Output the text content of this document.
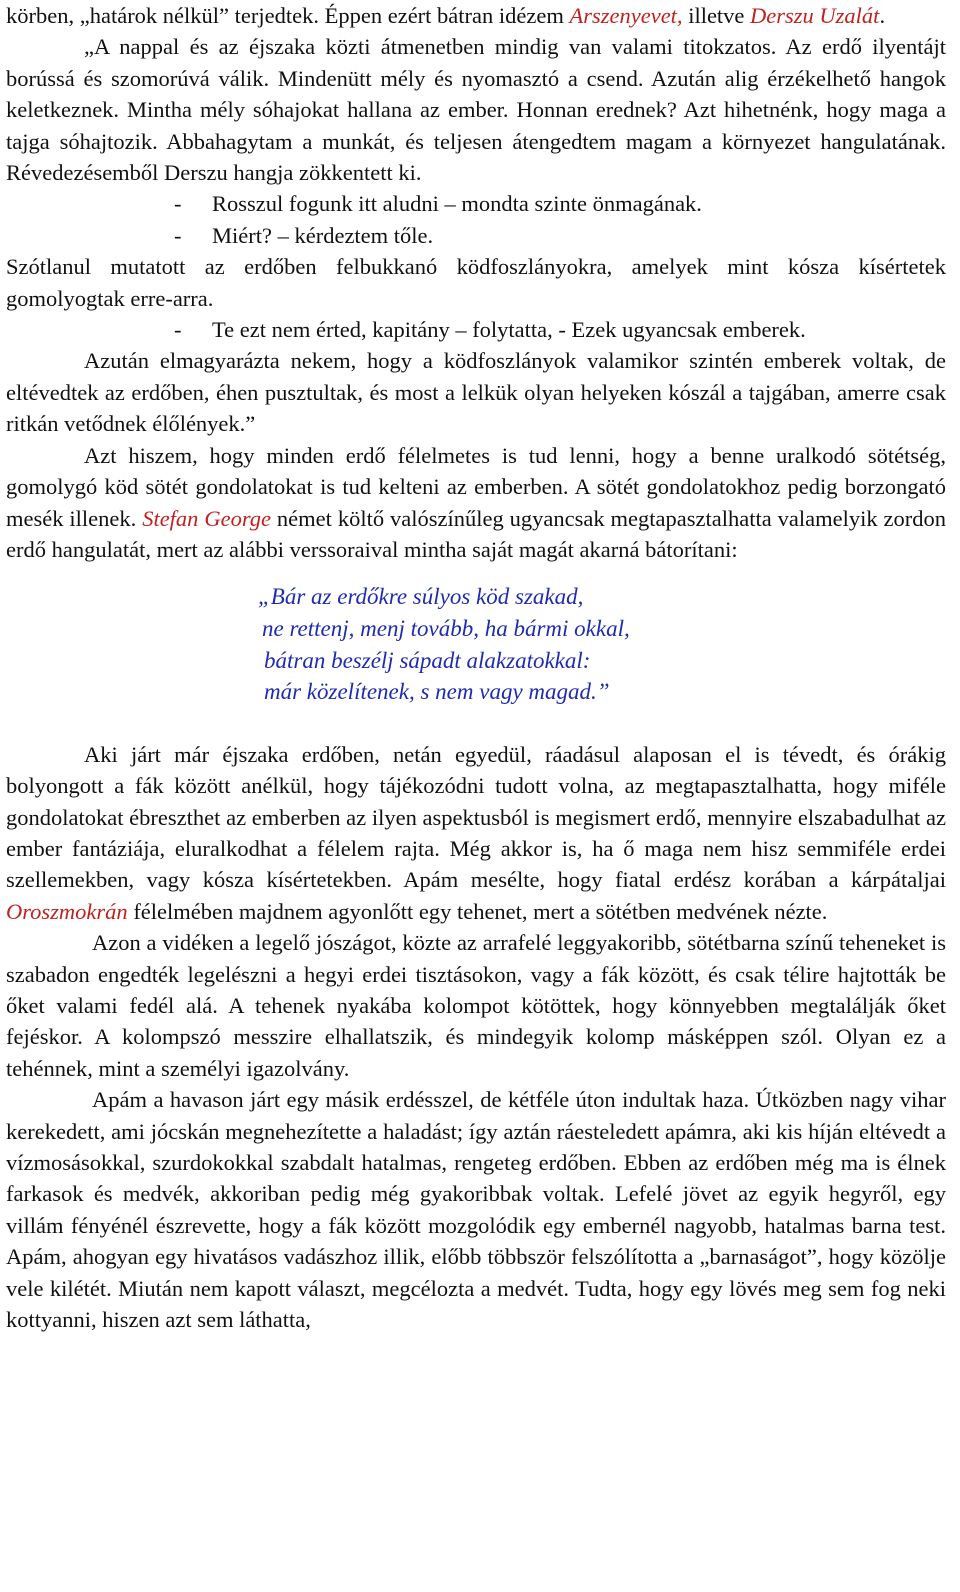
körben, „határok nélkül” terjedtek. Éppen ezért bátran idézem Arszenyevet, illetve Derszu Uzalát.

„A nappal és az éjszaka közti átmenetben mindig van valami titokzatos. Az erdő ilyentájt borússá és szomorúvá válik. Mindenütt mély és nyomasztó a csend. Azután alig érzékelhető hangok keletkeznek. Mintha mély sóhajokat hallana az ember. Honnan erednek? Azt hihetnénk, hogy maga a tajga sóhajtozik. Abbahagytam a munkát, és teljesen átengedtem magam a környezet hangulatának. Révedezésemből Derszu hangja zökkentett ki.

- Rosszul fogunk itt aludni – mondta szinte önmagának.

- Miért? – kérdeztem tőle.

Szótlanul mutatott az erdőben felbukkanó ködfoszlányokra, amelyek mint kósza kísértetek gomolyogtak erre-arra.

- Te ezt nem érted, kapitány – folytatta, - Ezek ugyancsak emberek.

Azután elmagyarázta nekem, hogy a ködfoszlányok valamikor szintén emberek voltak, de eltévedtek az erdőben, éhen pusztultak, és most a lelkük olyan helyeken kószál a tajgában, amerre csak ritkán vetődnek élőlények.”

Azt hiszem, hogy minden erdő félelmetes is tud lenni, hogy a benne uralkodó sötétség, gomolygó köd sötét gondolatokat is tud kelteni az emberben. A sötét gondolatokhoz pedig borzongató mesék illenek. Stefan George német költő valószínűleg ugyancsak megtapasztalhatta valamelyik zordon erdő hangulatát, mert az alábbi verssoraival mintha saját magát akarná bátorítani:

„Bár az erdőkre súlyos köd szakad,
ne rettenj, menj tovább, ha bármi okkal,
bátran beszélj sápadt alakzatokkal:
már közelítenek, s nem vagy magad.”

Aki járt már éjszaka erdőben, netán egyedül, ráadásul alaposan el is tévedt, és órákig bolyongott a fák között anélkül, hogy tájékozódni tudott volna, az megtapasztalhatta, hogy miféle gondolatokat ébreszthet az emberben az ilyen aspektusból is megismert erdő, mennyire elszabadulhat az ember fantáziája, eluralkodhat a félelem rajta. Még akkor is, ha ő maga nem hisz semmiféle erdei szellemekben, vagy kósza kísértetekben. Apám mesélte, hogy fiatal erdész korában a kárpátaljai Oroszmokrán félelmében majdnem agyonlőtt egy tehenet, mert a sötétben medvének nézte.

Azon a vidéken a legelő jószágot, közte az arrafelé leggyakoribb, sötétbarna színű teheneket is szabadon engedték legelészni a hegyi erdei tisztásokon, vagy a fák között, és csak télire hajtották be őket valami fedél alá. A tehenek nyakába kolompot kötöttek, hogy könnyebben megtalálják őket fejéskor. A kolompszó messzire elhallatszik, és mindegyik kolomp másképpen szól. Olyan ez a tehénnek, mint a személyi igazolvány.

Apám a havason járt egy másik erdésszel, de kétféle úton indultak haza. Útközben nagy vihar kerekedett, ami jócskán megnehezítette a haladást; így aztán ráesteledett apámra, aki kis híján eltévedt a vízmosásokkal, szurdokokkal szabdalt hatalmas, rengeteg erdőben. Ebben az erdőben még ma is élnek farkasok és medvék, akkoriban pedig még gyakoribbak voltak. Lefelé jövet az egyik hegyről, egy villám fényénél észrevette, hogy a fák között mozgolódik egy embernél nagyobb, hatalmas barna test. Apám, ahogyan egy hivatásos vadászhoz illik, előbb többször felszólította a „barnaságot”, hogy közölje vele kilétét. Miután nem kapott választ, megcélozta a medvét. Tudta, hogy egy lövés meg sem fog neki kottyanni, hiszen azt sem láthatta,
